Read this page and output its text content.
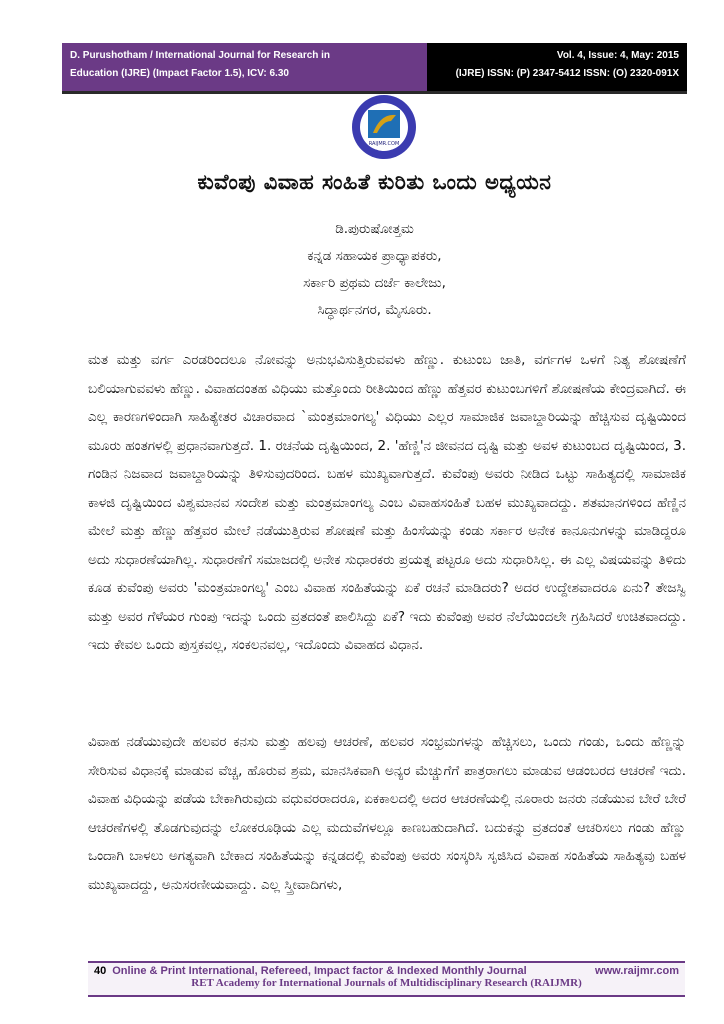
D. Purushotham / International Journal for Research in
Education (IJRE) (Impact Factor 1.5), ICV: 6.30
Vol. 4, Issue: 4, May: 2015
(IJRE) ISSN: (P) 2347-5412 ISSN: (O) 2320-091X
RAIJMR.COM
ಕುವೆಂಪು ವಿವಾಹ ಸಂಹಿತೆ ಕುರಿತು ಒಂದು ಅಧ್ಯಯನ
ಡಿ.ಪುರುಷೋತ್ತಮ
ಕನ್ನಡ ಸಹಾಯಕ ಪ್ರಾಧ್ಯಾಪಕರು,
ಸರ್ಕಾರಿ ಪ್ರಥಮ ದರ್ಜೆ ಕಾಲೇಜು,
ಸಿದ್ಧಾರ್ಥನಗರ, ಮೈಸೂರು.

ಮತ ಮತ್ತು ವರ್ಗ ಎರಡರಿಂದಲೂ ನೋವನ್ನು ಅನುಭವಿಸುತ್ತಿರುವವಳು ಹೆಣ್ಣು. ಕುಟುಂಬ ಜಾತಿ, ವರ್ಗಗಳ ಒಳಗೆ ನಿತ್ಯ ಶೋಷಣೆಗೆ ಬಲಿಯಾಗುವವಳು ಹೆಣ್ಣು. ವಿವಾಹದಂತಹ ವಿಧಿಯು ಮತ್ತೊಂದು ರೀತಿಯಿಂದ ಹೆಣ್ಣು ಹೆತ್ತವರ ಕುಟುಂಬಗಳಿಗೆ ಶೋಷಣೆಯ ಕೇಂದ್ರವಾಗಿದೆ. ಈ ಎಲ್ಲ ಕಾರಣಗಳಿಂದಾಗಿ ಸಾಹಿತ್ಯೇತರ ವಿಚಾರವಾದ `ಮಂತ್ರಮಾಂಗಲ್ಯ' ವಿಧಿಯು ಎಲ್ಲರ ಸಾಮಾಜಿಕ ಜವಾಬ್ದಾರಿಯನ್ನು ಹೆಚ್ಚಿಸುವ ದೃಷ್ಟಿಯಿಂದ ಮೂರು ಹಂತಗಳಲ್ಲಿ ಪ್ರಧಾನವಾಗುತ್ತದೆ. 1. ರಚನೆಯ ದೃಷ್ಟಿಯಿಂದ, 2. 'ಹೆಣ್ಣಿ'ನ ಜೀವನದ ದೃಷ್ಟಿ ಮತ್ತು ಅವಳ ಕುಟುಂಬದ ದೃಷ್ಟಿಯಿಂದ, 3. ಗಂಡಿನ ನಿಜವಾದ ಜವಾಬ್ದಾರಿಯನ್ನು ತಿಳಿಸುವುದರಿಂದ. ಬಹಳ ಮುಖ್ಯವಾಗುತ್ತದೆ. ಕುವೆಂಪು ಅವರು ನೀಡಿದ ಒಟ್ಟು ಸಾಹಿತ್ಯದಲ್ಲಿ ಸಾಮಾಜಿಕ ಕಾಳಜಿ ದೃಷ್ಟಿಯಿಂದ ವಿಶ್ವಮಾನವ ಸಂದೇಶ ಮತ್ತು ಮಂತ್ರಮಾಂಗಲ್ಯ ಎಂಬ ವಿವಾಹಸಂಹಿತೆ ಬಹಳ ಮುಖ್ಯವಾದದ್ದು. ಶತಮಾನಗಳಿಂದ ಹೆಣ್ಣಿನ ಮೇಲೆ ಮತ್ತು ಹೆಣ್ಣು ಹೆತ್ತವರ ಮೇಲೆ ನಡೆಯುತ್ತಿರುವ ಶೋಷಣೆ ಮತ್ತು ಹಿಂಸೆಯನ್ನು ಕಂಡು ಸರ್ಕಾರ ಅನೇಕ ಕಾನೂನುಗಳನ್ನು ಮಾಡಿದ್ದರೂ ಅದು ಸುಧಾರಣೆಯಾಗಿಲ್ಲ. ಸುಧಾರಣೆಗೆ ಸಮಾಜದಲ್ಲಿ ಅನೇಕ ಸುಧಾರಕರು ಪ್ರಯತ್ನ ಪಟ್ಟರೂ ಅದು ಸುಧಾರಿಸಿಲ್ಲ. ಈ ಎಲ್ಲ ವಿಷಯವನ್ನು ತಿಳಿದು ಕೂಡ ಕುವೆಂಪು ಅವರು 'ಮಂತ್ರಮಾಂಗಲ್ಯ' ಎಂಬ ವಿವಾಹ ಸಂಹಿತೆಯನ್ನು ಏಕೆ ರಚನೆ ಮಾಡಿದರು? ಅದರ ಉದ್ದೇಶವಾದರೂ ಏನು? ತೇಜಸ್ವಿ ಮತ್ತು ಅವರ ಗೆಳೆಯರ ಗುಂಪು ಇದನ್ನು ಒಂದು ವ್ರತದಂತೆ ಪಾಲಿಸಿದ್ದು ಏಕೆ? ಇದು ಕುವೆಂಪು ಅವರ ನೆಲೆಯಿಂದಲೇ ಗ್ರಹಿಸಿದರೆ ಉಚಿತವಾದದ್ದು. ಇದು ಕೇವಲ ಒಂದು ಪುಸ್ತಕವಲ್ಲ, ಸಂಕಲನವಲ್ಲ, ಇದೊಂದು ವಿವಾಹದ ವಿಧಾನ.

ವಿವಾಹ ನಡೆಯುವುದೇ ಹಲವರ ಕನಸು ಮತ್ತು ಹಲವು ಆಚರಣೆ, ಹಲವರ ಸಂಭ್ರಮಗಳನ್ನು ಹೆಚ್ಚಿಸಲು, ಒಂದು ಗಂಡು, ಒಂದು ಹೆಣ್ಣನ್ನು ಸೇರಿಸುವ ವಿಧಾನಕ್ಕೆ ಮಾಡುವ ವೆಚ್ಚ, ಹೊರುವ ಶ್ರಮ, ಮಾನಸಿಕವಾಗಿ ಅನ್ಯರ ಮೆಚ್ಚುಗೆಗೆ ಪಾತ್ರರಾಗಲು ಮಾಡುವ ಆಡಂಬರದ ಆಚರಣೆ ಇದು. ವಿವಾಹ ವಿಧಿಯನ್ನು ಪಡೆಯ ಬೇಕಾಗಿರುವುದು ವಧುವರರಾದರೂ, ಏಕಕಾಲದಲ್ಲಿ ಅದರ ಆಚರಣೆಯಲ್ಲಿ ನೂರಾರು ಜನರು ನಡೆಯುವ ಬೇರೆ ಬೇರೆ ಆಚರಣೆಗಳಲ್ಲಿ ತೊಡಗುವುದನ್ನು ಲೋಕರೂಢಿಯ ಎಲ್ಲ ಮದುವೆಗಳಲ್ಲೂ ಕಾಣಬಹುದಾಗಿದೆ. ಬದುಕನ್ನು ವ್ರತದಂತೆ ಆಚರಿಸಲು ಗಂಡು ಹೆಣ್ಣು ಒಂದಾಗಿ ಬಾಳಲು ಅಗತ್ಯವಾಗಿ ಬೇಕಾದ ಸಂಹಿತೆಯನ್ನು ಕನ್ನಡದಲ್ಲಿ ಕುವೆಂಪು ಅವರು ಸಂಸ್ಕರಿಸಿ ಸೃಜಿಸಿದ ವಿವಾಹ ಸಂಹಿತೆಯ ಸಾಹಿತ್ಯವು ಬಹಳ ಮುಖ್ಯವಾದದ್ದು, ಅನುಸರಣೀಯವಾದ್ದು. ಎಲ್ಲ ಸ್ತ್ರೀವಾದಿಗಳು,

40 Online & Print International, Refereed, Impact factor & Indexed Monthly Journal	www.raijmr.com
RET Academy for International Journals of Multidisciplinary Research (RAIJMR)
